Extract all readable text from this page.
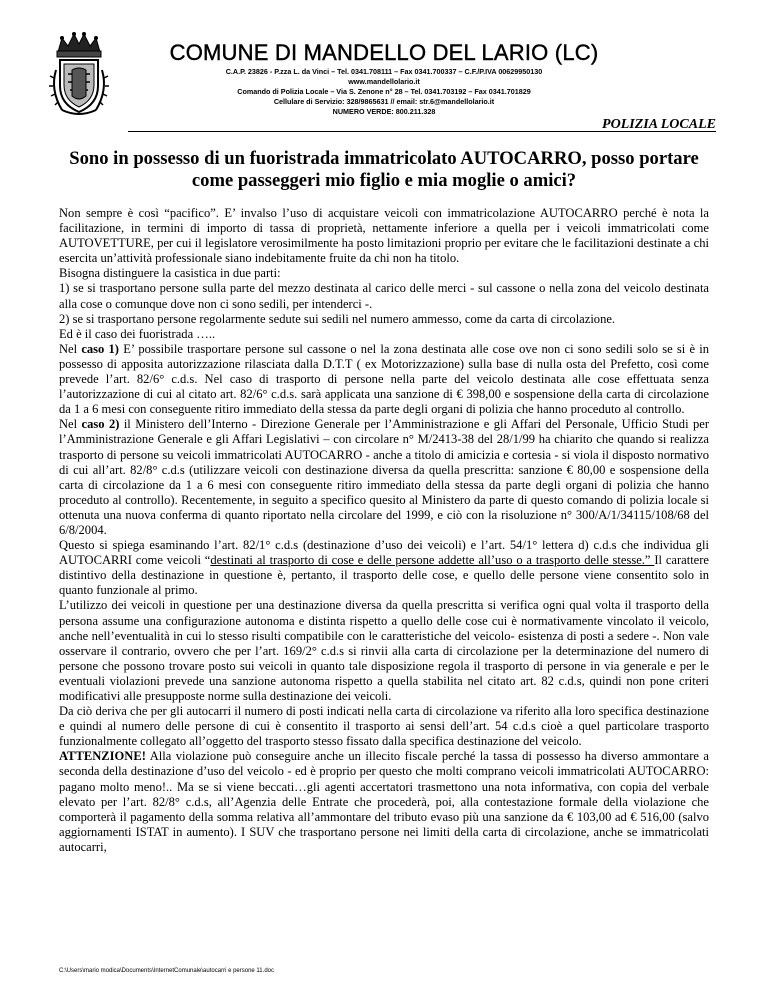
COMUNE DI MANDELLO DEL LARIO (LC)
C.A.P. 23826 - P.zza L. da Vinci – Tel. 0341.708111 – Fax 0341.700337 – C.F./P.IVA 00629950130
www.mandellolario.it
Comando di Polizia Locale – Via S. Zenone n° 28 – Tel. 0341.703192 – Fax 0341.701829
Cellulare di Servizio: 328/9865631 // email: str.6@mandellolario.it
NUMERO VERDE: 800.211.328
POLIZIA LOCALE
Sono in possesso di un fuoristrada immatricolato AUTOCARRO, posso portare come passeggeri mio figlio e mia moglie o amici?

Non sempre è così “pacifico”. E’ invalso l’uso di acquistare veicoli con immatricolazione AUTOCARRO perché è nota la facilitazione, in termini di importo di tassa di proprietà, nettamente inferiore a quella per i veicoli immatricolati come AUTOVETTURE, per cui il legislatore verosimilmente ha posto limitazioni proprio per evitare che le facilitazioni destinate a chi esercita un’attività professionale siano indebitamente fruite da chi non ha titolo.

Bisogna distinguere la casistica in due parti:

1) se si trasportano persone sulla parte del mezzo destinata al carico delle merci - sul cassone o nella zona del veicolo destinata alla cose o comunque dove non ci sono sedili, per intenderci -.

2) se si trasportano persone regolarmente sedute sui sedili nel numero ammesso, come da carta di circolazione.

Ed è il caso dei fuoristrada …..

Nel caso 1) E’ possibile trasportare persone sul cassone o nel la zona destinata alle cose ove non ci sono sedili solo se si è in possesso di apposita autorizzazione rilasciata dalla D.T.T ( ex Motorizzazione) sulla base di nulla osta del Prefetto, così come prevede l’art. 82/6° c.d.s. Nel caso di trasporto di persone nella parte del veicolo destinata alle cose effettuata senza l’autorizzazione di cui al citato art. 82/6° c.d.s. sarà applicata una sanzione di € 398,00 e sospensione della carta di circolazione da 1 a 6 mesi con conseguente ritiro immediato della stessa da parte degli organi di polizia che hanno proceduto al controllo.

Nel caso 2) il Ministero dell’Interno - Direzione Generale per l’Amministrazione e gli Affari del Personale, Ufficio Studi per l’Amministrazione Generale e gli Affari Legislativi – con circolare n° M/2413-38 del 28/1/99 ha chiarito che quando si realizza trasporto di persone su veicoli immatricolati AUTOCARRO - anche a titolo di amicizia e cortesia - si viola il disposto normativo di cui all’art. 82/8° c.d.s (utilizzare veicoli con destinazione diversa da quella prescritta: sanzione € 80,00 e sospensione della carta di circolazione da 1 a 6 mesi con conseguente ritiro immediato della stessa da parte degli organi di polizia che hanno proceduto al controllo). Recentemente, in seguito a specifico quesito al Ministero da parte di questo comando di polizia locale si ottenuta una nuova conferma di quanto riportato nella circolare del 1999, e ciò con la risoluzione n° 300/A/1/34115/108/68 del 6/8/2004.

Questo si spiega esaminando l’art. 82/1° c.d.s (destinazione d’uso dei veicoli) e l’art. 54/1° lettera d) c.d.s che individua gli AUTOCARRI come veicoli “destinati al trasporto di cose e delle persone addette all’uso o a trasporto delle stesse.” Il carattere distintivo della destinazione in questione è, pertanto, il trasporto delle cose, e quello delle persone viene consentito solo in quanto funzionale al primo.

L’utilizzo dei veicoli in questione per una destinazione diversa da quella prescritta si verifica ogni qual volta il trasporto della persona assume una configurazione autonoma e distinta rispetto a quello delle cose cui è normativamente vincolato il veicolo, anche nell’eventualità in cui lo stesso risulti compatibile con le caratteristiche del veicolo- esistenza di posti a sedere -. Non vale osservare il contrario, ovvero che per l’art. 169/2° c.d.s si rinvii alla carta di circolazione per la determinazione del numero di persone che possono trovare posto sui veicoli in quanto tale disposizione regola il trasporto di persone in via generale e per le eventuali violazioni prevede una sanzione autonoma rispetto a quella stabilita nel citato art. 82 c.d.s, quindi non pone criteri modificativi alle presupposte norme sulla destinazione dei veicoli.

Da ciò deriva che per gli autocarri il numero di posti indicati nella carta di circolazione va riferito alla loro specifica destinazione e quindi al numero delle persone di cui è consentito il trasporto ai sensi dell’art. 54 c.d.s cioè a quel particolare trasporto funzionalmente collegato all’oggetto del trasporto stesso fissato dalla specifica destinazione del veicolo.

ATTENZIONE! Alla violazione può conseguire anche un illecito fiscale perché la tassa di possesso ha diverso ammontare a seconda della destinazione d’uso del veicolo - ed è proprio per questo che molti comprano veicoli immatricolati AUTOCARRO: pagano molto meno!.. Ma se si viene beccati…gli agenti accertatori trasmettono una nota informativa, con copia del verbale elevato per l’art. 82/8° c.d.s, all’Agenzia delle Entrate che procederà, poi, alla contestazione formale della violazione che comporterà il pagamento della somma relativa all’ammontare del tributo evaso più una sanzione da € 103,00 ad € 516,00 (salvo aggiornamenti ISTAT in aumento). I SUV che trasportano persone nei limiti della carta di circolazione, anche se immatricolati autocarri,

C:\Users\mario modica\Documents\InternetComunale\autocarri e persone 11.doc
